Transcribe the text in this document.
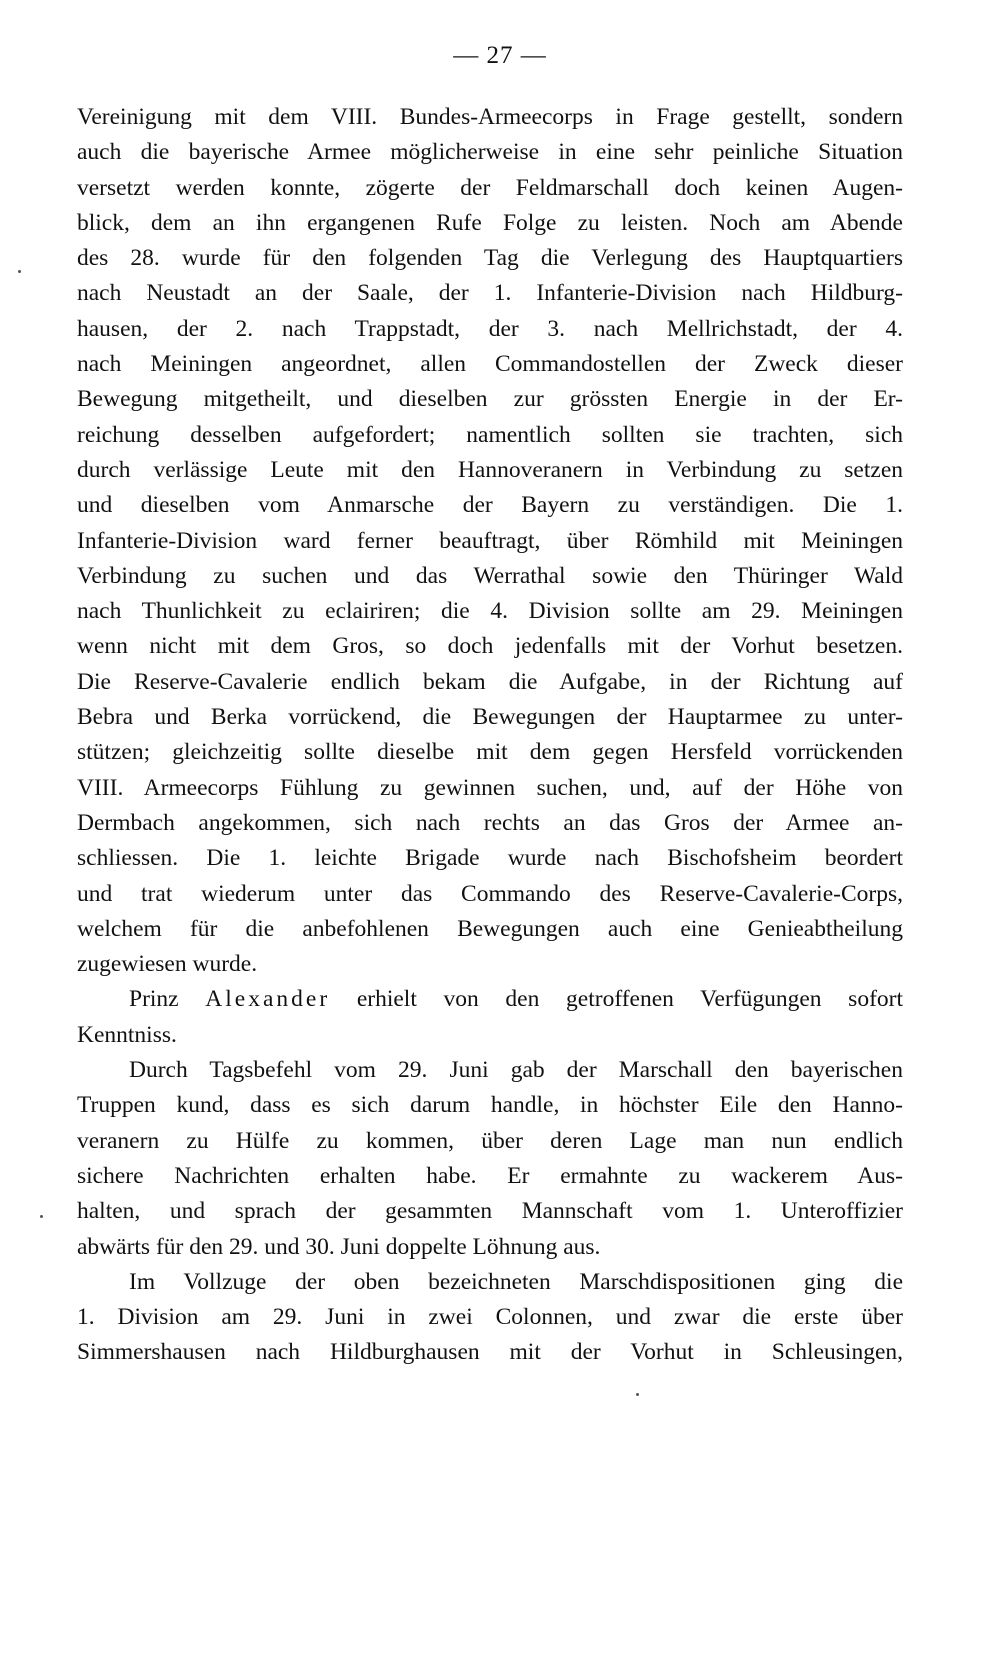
— 27 —
Vereinigung mit dem VIII. Bundes-Armeecorps in Frage gestellt, sondern
auch die bayerische Armee möglicherweise in eine sehr peinliche Situation
versetzt werden konnte, zögerte der Feldmarschall doch keinen Augen-
blick, dem an ihn ergangenen Rufe Folge zu leisten. Noch am Abende
des 28. wurde für den folgenden Tag die Verlegung des Hauptquartiers
nach Neustadt an der Saale, der 1. Infanterie-Division nach Hildburg-
hausen, der 2. nach Trappstadt, der 3. nach Mellrichstadt, der 4.
nach Meiningen angeordnet, allen Commandostellen der Zweck dieser
Bewegung mitgetheilt, und dieselben zur grössten Energie in der Er-
reichung desselben aufgefordert; namentlich sollten sie trachten, sich
durch verlässige Leute mit den Hannoveranern in Verbindung zu setzen
und dieselben vom Anmarsche der Bayern zu verständigen. Die 1.
Infanterie-Division ward ferner beauftragt, über Römhild mit Meiningen
Verbindung zu suchen und das Werrathal sowie den Thüringer Wald
nach Thunlichkeit zu eclairiren; die 4. Division sollte am 29. Meiningen
wenn nicht mit dem Gros, so doch jedenfalls mit der Vorhut besetzen.
Die Reserve-Cavalerie endlich bekam die Aufgabe, in der Richtung auf
Bebra und Berka vorrückend, die Bewegungen der Hauptarmee zu unter-
stützen; gleichzeitig sollte dieselbe mit dem gegen Hersfeld vorrückenden
VIII. Armeecorps Fühlung zu gewinnen suchen, und, auf der Höhe von
Dermbach angekommen, sich nach rechts an das Gros der Armee an-
schliessen. Die 1. leichte Brigade wurde nach Bischofsheim beordert
und trat wiederum unter das Commando des Reserve-Cavalerie-Corps,
welchem für die anbefohlenen Bewegungen auch eine Genieabtheilung
zugewiesen wurde.
Prinz Alexander erhielt von den getroffenen Verfügungen sofort
Kenntniss.
Durch Tagsbefehl vom 29. Juni gab der Marschall den bayerischen
Truppen kund, dass es sich darum handle, in höchster Eile den Hanno-
veranern zu Hülfe zu kommen, über deren Lage man nun endlich
sichere Nachrichten erhalten habe. Er ermahnte zu wackerem Aus-
halten, und sprach der gesammten Mannschaft vom 1. Unteroffizier
abwärts für den 29. und 30. Juni doppelte Löhnung aus.
Im Vollzuge der oben bezeichneten Marschdispositionen ging die
1. Division am 29. Juni in zwei Colonnen, und zwar die erste über
Simmershausen nach Hildburghausen mit der Vorhut in Schleusingen,
